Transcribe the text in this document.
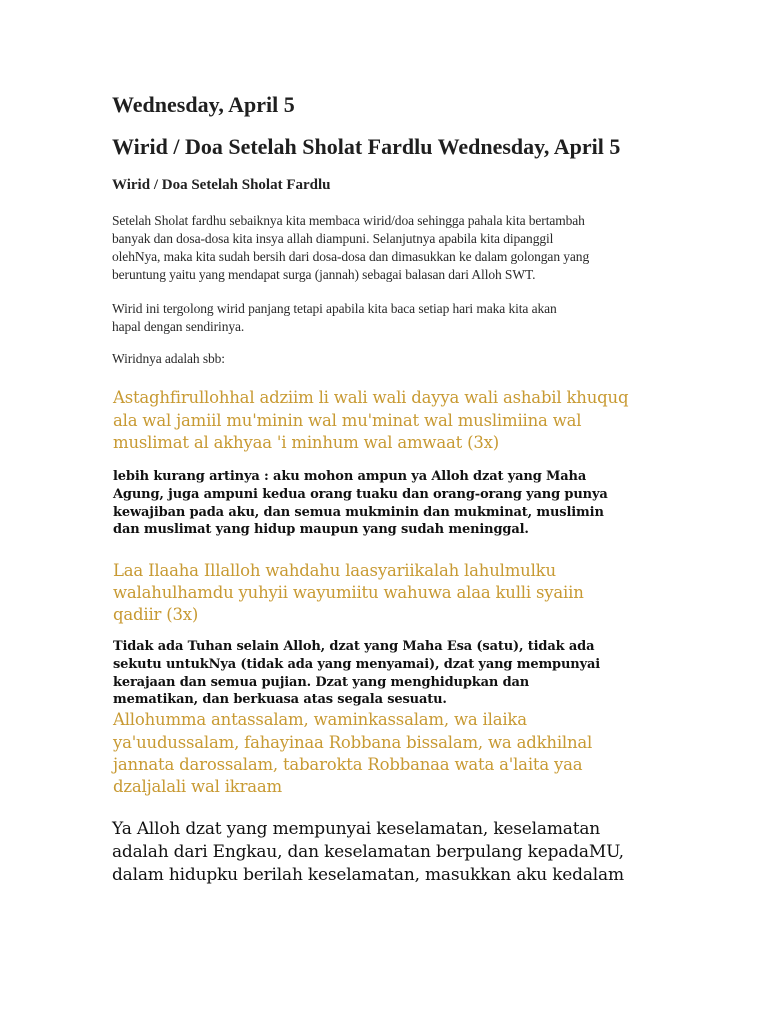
Wednesday, April 5
Wirid / Doa Setelah Sholat Fardlu Wednesday, April 5
Wirid / Doa Setelah Sholat Fardlu
Setelah Sholat fardhu sebaiknya kita membaca wirid/doa sehingga pahala kita bertambah
banyak dan dosa-dosa kita insya allah diampuni. Selanjutnya apabila kita dipanggil
olehNya, maka kita sudah bersih dari dosa-dosa dan dimasukkan ke dalam golongan yang
beruntung yaitu yang mendapat surga (jannah) sebagai balasan dari Alloh SWT.
Wirid ini tergolong wirid panjang tetapi apabila kita baca setiap hari maka kita akan
hapal dengan sendirinya.
Wiridnya adalah sbb:
Astaghfirullohhal adziim li wali wali dayya wali ashabil khuquq
ala wal jamiil mu'minin wal mu'minat wal muslimiina wal
muslimat al akhyaa 'i minhum wal amwaat (3x)
lebih kurang artinya : aku mohon ampun ya Alloh dzat yang Maha
Agung, juga ampuni kedua orang tuaku dan orang-orang yang punya
kewajiban pada aku, dan semua mukminin dan mukminat, muslimin
dan muslimat yang hidup maupun yang sudah meninggal.
Laa Ilaaha Illalloh wahdahu laasyariikalah lahulmulku
walahulhamdu yuhyii wayumiitu wahuwa alaa kulli syaiin
qadiir (3x)
Tidak ada Tuhan selain Alloh, dzat yang Maha Esa (satu), tidak ada
sekutu untukNya (tidak ada yang menyamai), dzat yang mempunyai
kerajaan dan semua pujian. Dzat yang menghidupkan dan
mematikan, dan berkuasa atas segala sesuatu.
Allohumma antassalam, waminkassalam, wa ilaika
ya'uudussalam, fahayinaa Robbana bissalam, wa adkhilnal
jannata darossalam, tabarokta Robbanaa wata a'laita yaa
dzaljalali wal ikraam
Ya Alloh dzat yang mempunyai keselamatan, keselamatan
adalah dari Engkau, dan keselamatan berpulang kepadaMU,
dalam hidupku berilah keselamatan, masukkan aku kedalam
